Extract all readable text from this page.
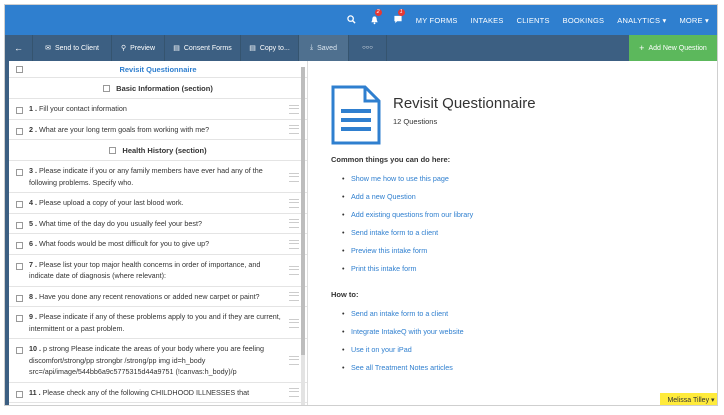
2	1
MY FORMS INTAKES CLIENTS BOOKINGS ANALYTICS ▾ MORE ▾
←	✉ Send to Client	⚲ Preview	▤ Consent Forms ▤ Copy to...	⤓ Saved	○○○	+ Add New Question
Revisit Questionnaire
Basic Information (section)
1 . Fill your contact information
2 . What are your long term goals from working with me?
Health History (section)
3 . Please indicate if you or any family members have ever had any of the following problems. Specify who.
4 . Please upload a copy of your last blood work.
5 . What time of the day do you usually feel your best?
6 . What foods would be most difficult for you to give up?
7 . Please list your top major health concerns in order of importance, and indicate date of diagnosis (where relevant):
8 . Have you done any recent renovations or added new carpet or paint?
9 . Please indicate if any of these problems apply to you and if they are current, intermittent or a past problem.
10 . p strong Please indicate the areas of your body where you are feeling discomfort/strong/pp strongbr /strong/pp img id=h_body src=/api/image/544bb6a9c5775315d44a9751 (!canvas:h_body)/p
11 . Please check any of the following CHILDHOOD ILLNESSES that
Revisit Questionnaire
12 Questions
Common things you can do here:
• Show me how to use this page
• Add a new Question
• Add existing questions from our library
• Send intake form to a client
• Preview this intake form
• Print this intake form
How to:
• Send an intake form to a client
• Integrate IntakeQ with your website
• Use it on your iPad
• See all Treatment Notes articles
Melissa Tilley ▾
